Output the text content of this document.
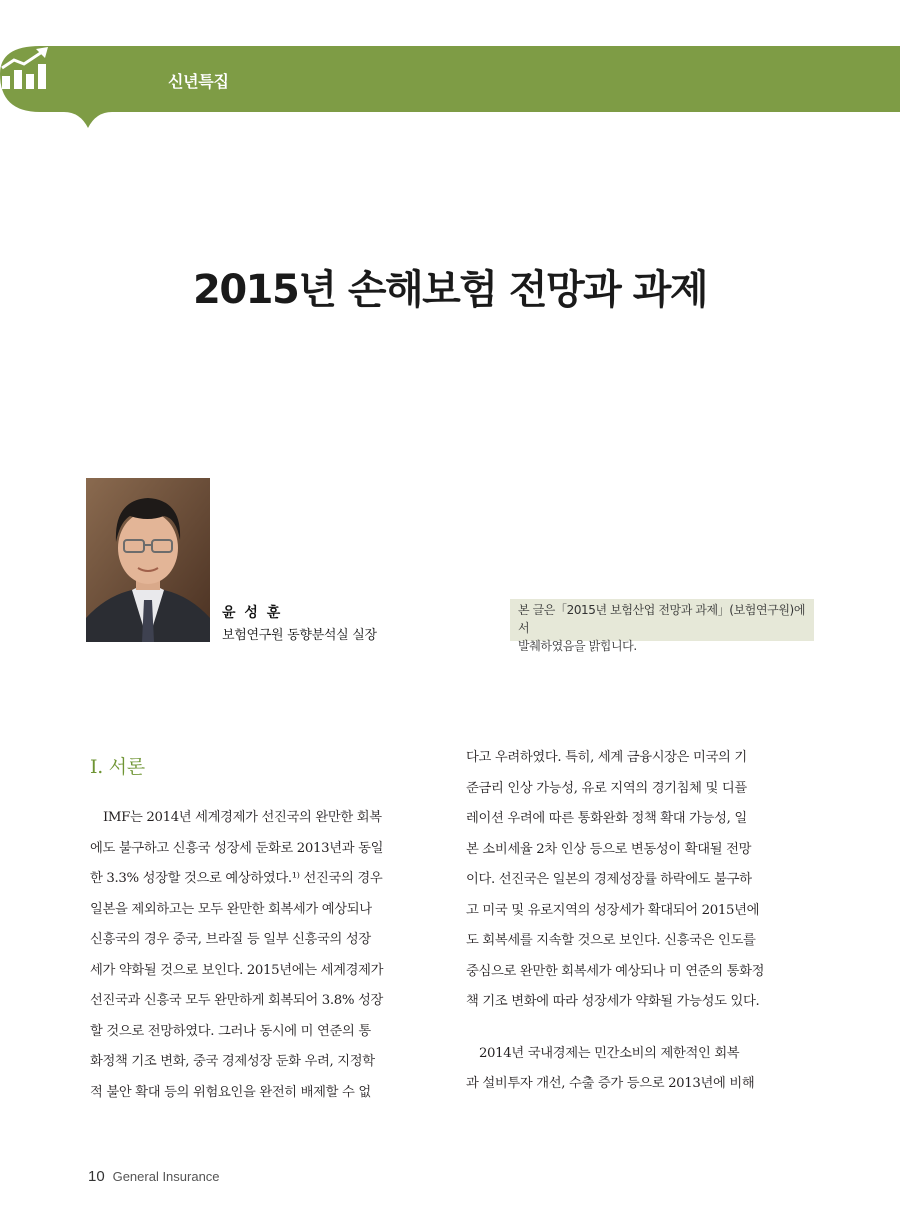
신년특집
2015년 손해보험 전망과 과제
윤 성 훈
보험연구원 동향분석실 실장
본 글은「2015년 보험산업 전망과 과제」(보험연구원)에서
발췌하였음을 밝힙니다.
Ⅰ. 서론
　IMF는 2014년 세계경제가 선진국의 완만한 회복
에도 불구하고 신흥국 성장세 둔화로 2013년과 동일
한 3.3% 성장할 것으로 예상하였다.¹⁾ 선진국의 경우
일본을 제외하고는 모두 완만한 회복세가 예상되나
신흥국의 경우 중국, 브라질 등 일부 신흥국의 성장
세가 약화될 것으로 보인다. 2015년에는 세계경제가
선진국과 신흥국 모두 완만하게 회복되어 3.8% 성장
할 것으로 전망하였다. 그러나 동시에 미 연준의 통
화정책 기조 변화, 중국 경제성장 둔화 우려, 지정학
적 불안 확대 등의 위험요인을 완전히 배제할 수 없
다고 우려하였다. 특히, 세계 금융시장은 미국의 기
준금리 인상 가능성, 유로 지역의 경기침체 및 디플
레이션 우려에 따른 통화완화 정책 확대 가능성, 일
본 소비세율 2차 인상 등으로 변동성이 확대될 전망
이다. 선진국은 일본의 경제성장률 하락에도 불구하
고 미국 및 유로지역의 성장세가 확대되어 2015년에
도 회복세를 지속할 것으로 보인다. 신흥국은 인도를
중심으로 완만한 회복세가 예상되나 미 연준의 통화정
책 기조 변화에 따라 성장세가 약화될 가능성도 있다.
　2014년 국내경제는 민간소비의 제한적인 회복
과 설비투자 개선, 수출 증가 등으로 2013년에 비해
10 General Insurance
